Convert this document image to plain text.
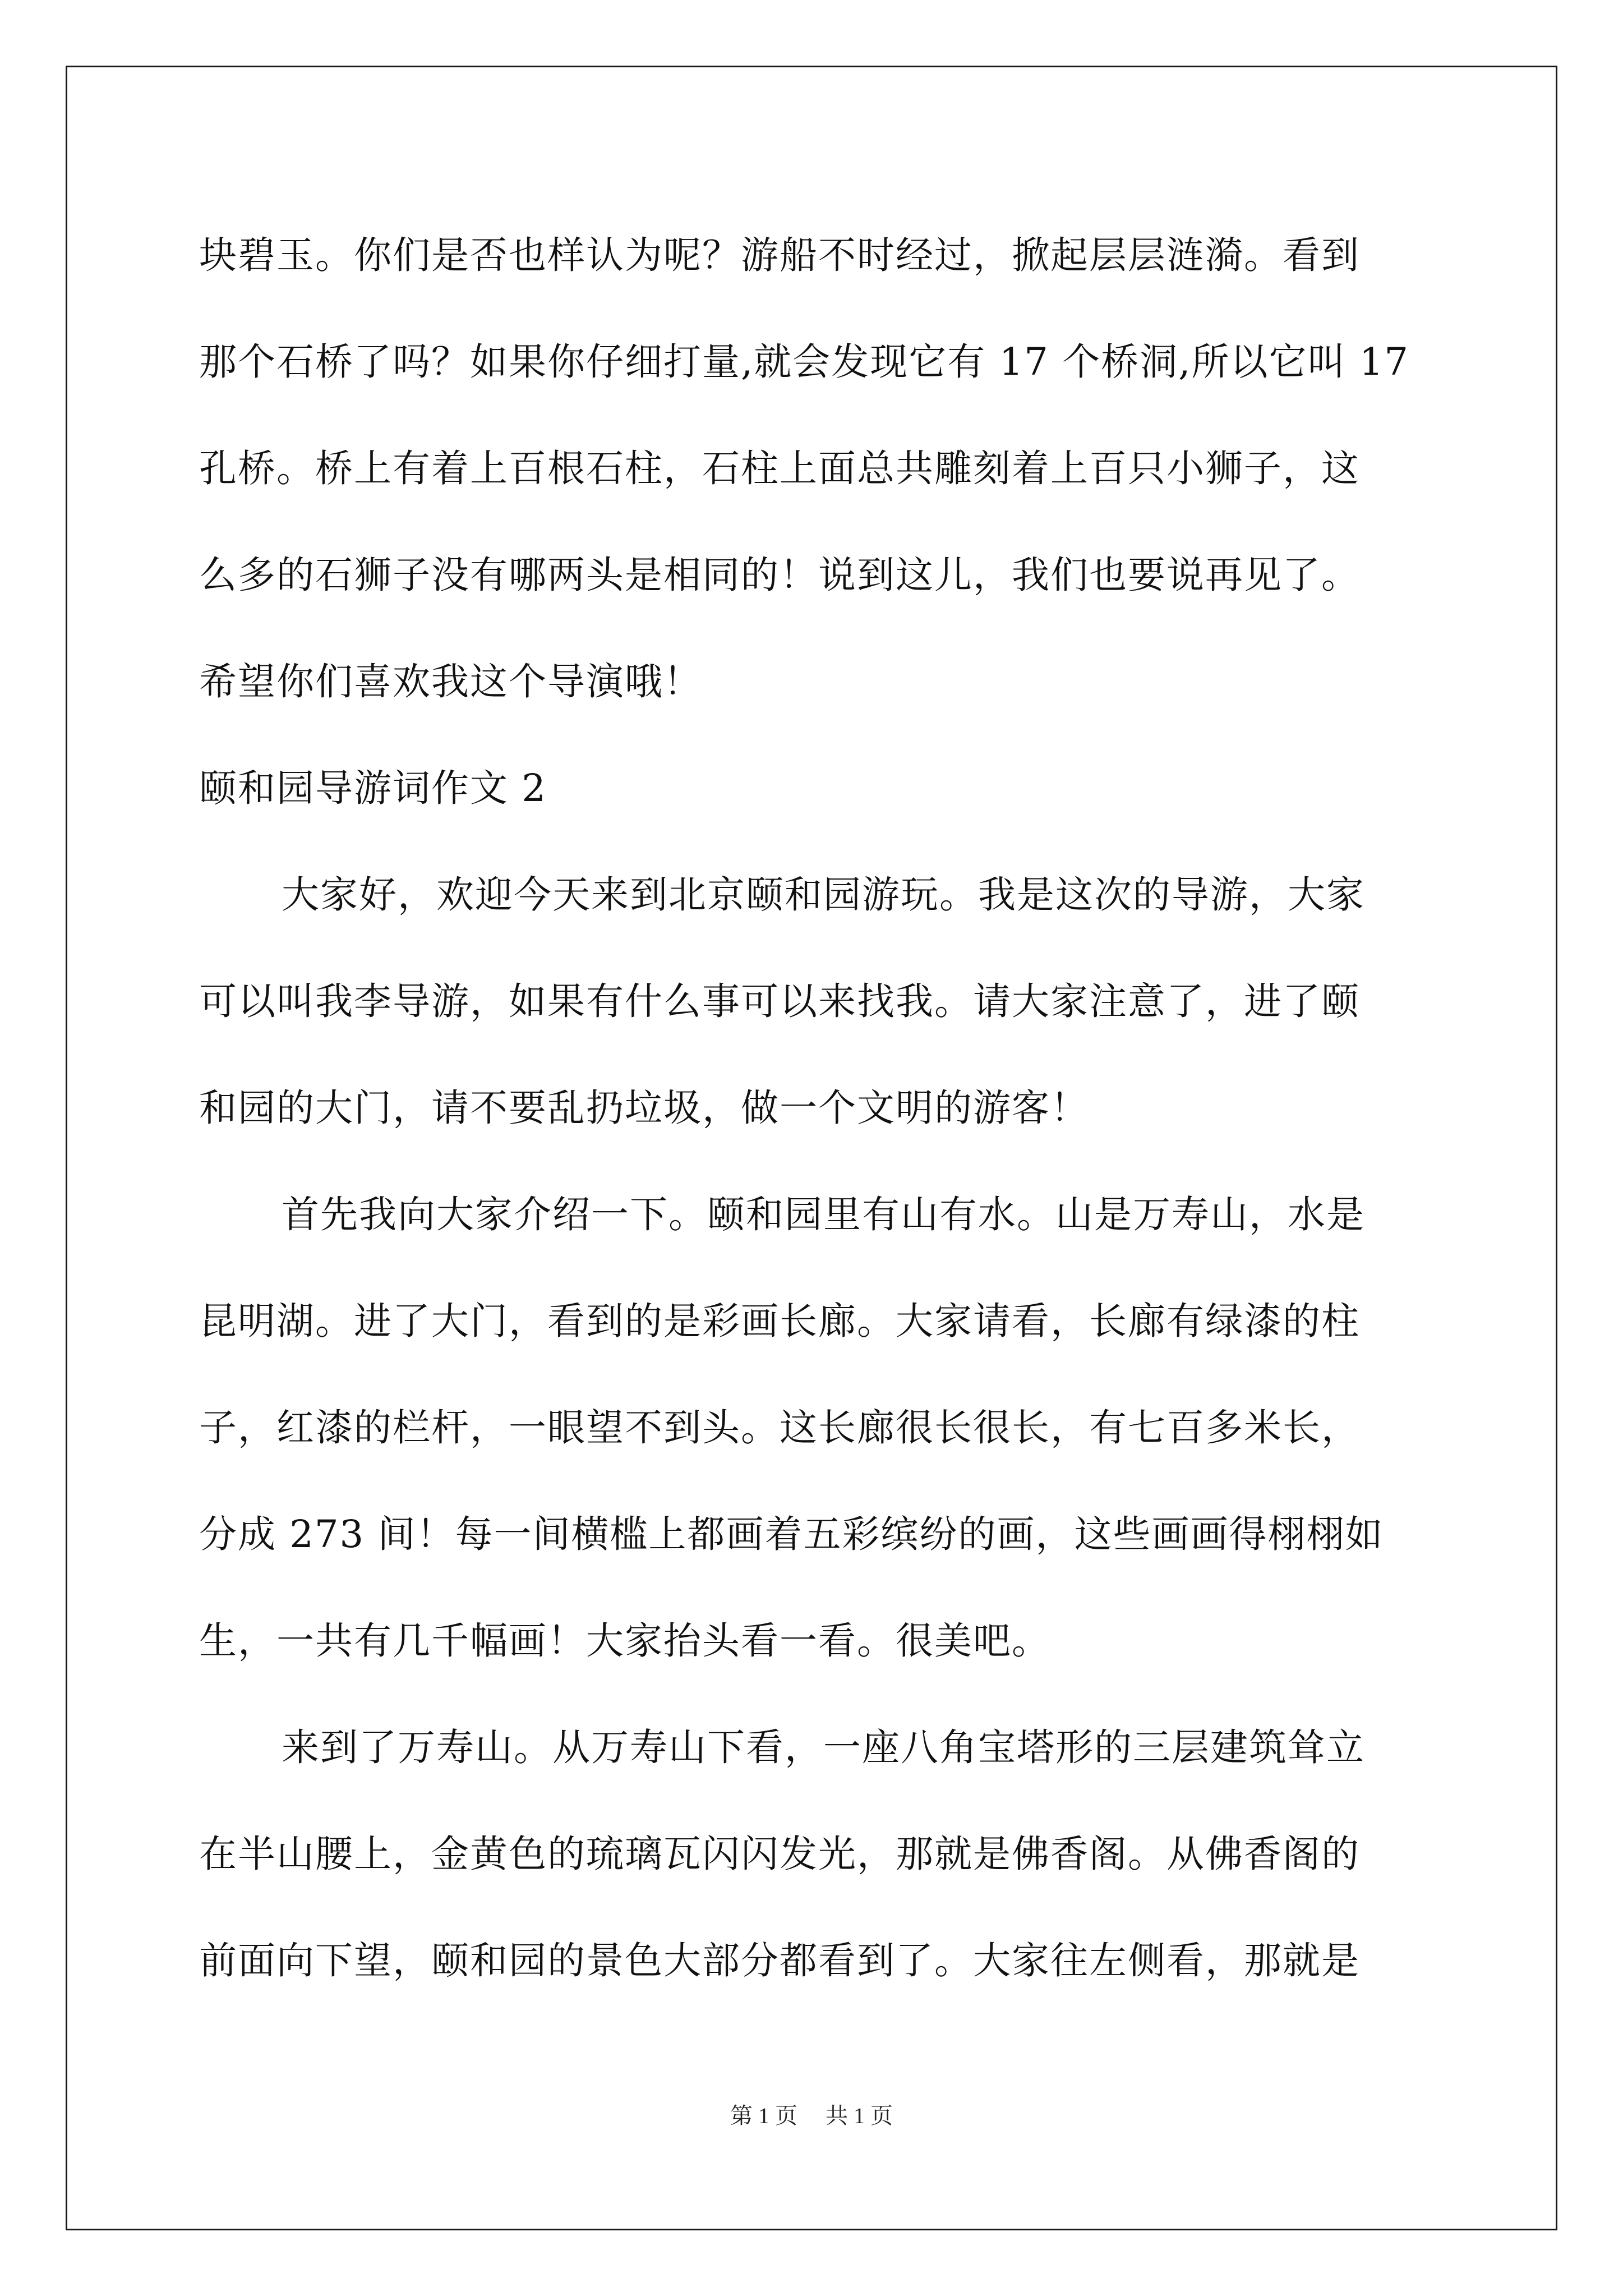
块碧玉。你们是否也样认为呢？游船不时经过，掀起层层涟漪。看到
那个石桥了吗？如果你仔细打量,就会发现它有 17 个桥洞,所以它叫 17
孔桥。桥上有着上百根石柱，石柱上面总共雕刻着上百只小狮子，这
么多的石狮子没有哪两头是相同的！说到这儿，我们也要说再见了。
希望你们喜欢我这个导演哦！
颐和园导游词作文 2
大家好，欢迎今天来到北京颐和园游玩。我是这次的导游，大家
可以叫我李导游，如果有什么事可以来找我。请大家注意了，进了颐
和园的大门，请不要乱扔垃圾，做一个文明的游客！
首先我向大家介绍一下。颐和园里有山有水。山是万寿山，水是
昆明湖。进了大门，看到的是彩画长廊。大家请看，长廊有绿漆的柱
子，红漆的栏杆，一眼望不到头。这长廊很长很长，有七百多米长，
分成 273 间！每一间横槛上都画着五彩缤纷的画，这些画画得栩栩如
生，一共有几千幅画！大家抬头看一看。很美吧。
来到了万寿山。从万寿山下看，一座八角宝塔形的三层建筑耸立
在半山腰上，金黄色的琉璃瓦闪闪发光，那就是佛香阁。从佛香阁的
前面向下望，颐和园的景色大部分都看到了。大家往左侧看，那就是
第 1 页 共 1 页
